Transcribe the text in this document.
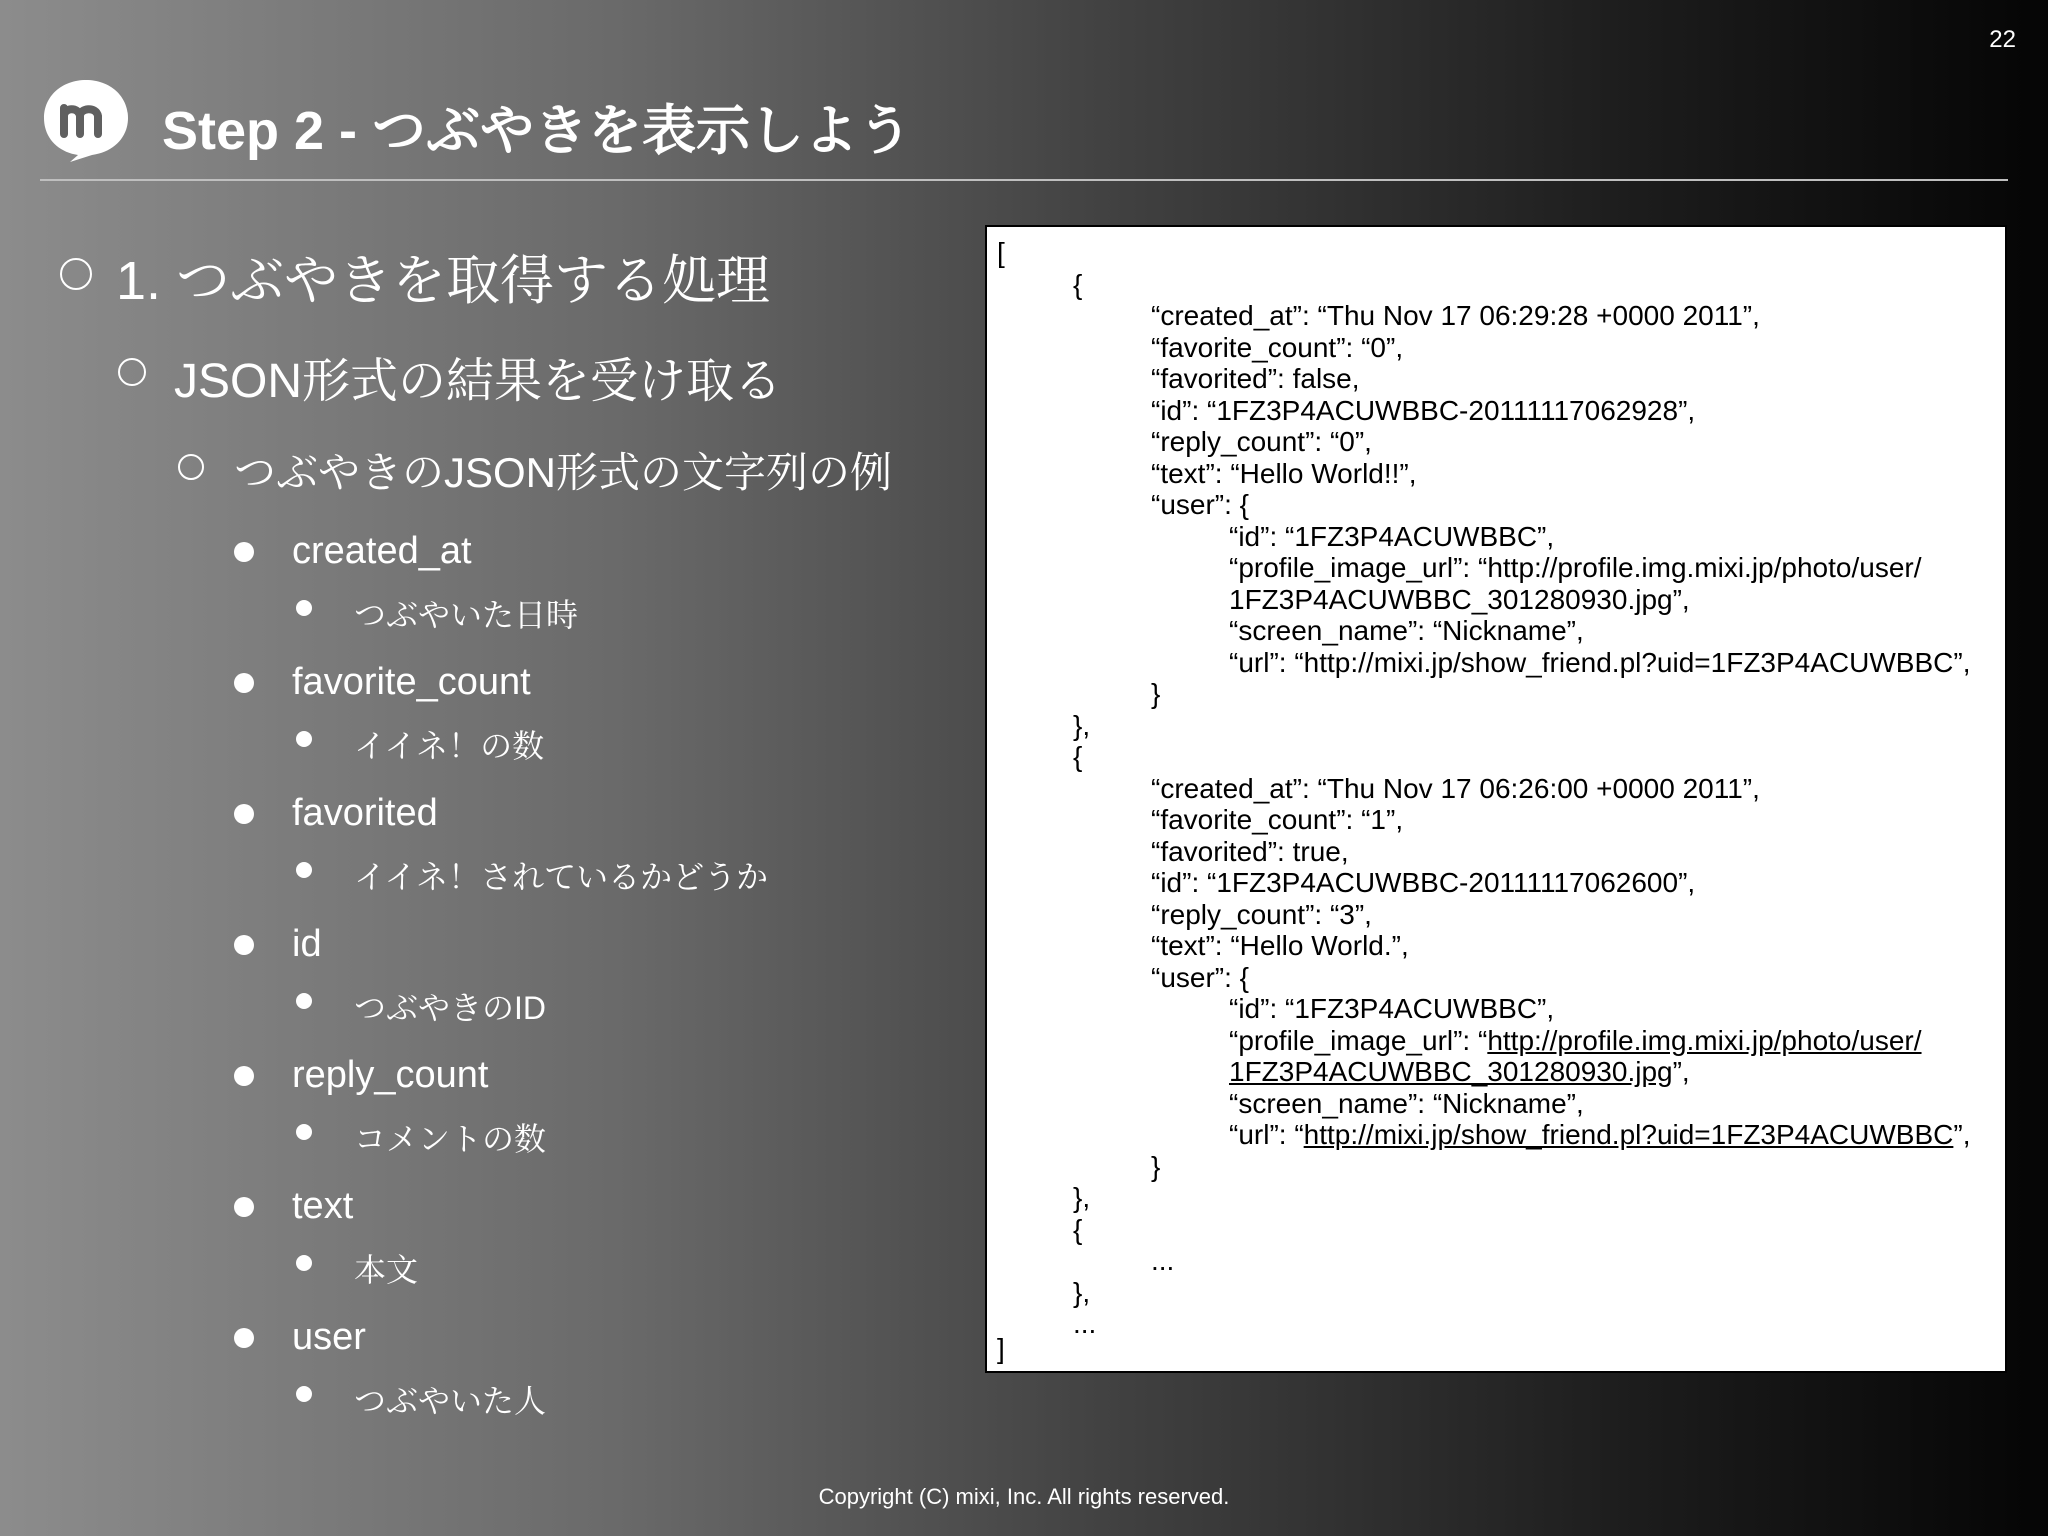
22
Step 2 - つぶやきを表示しよう
1. つぶやきを取得する処理
JSON形式の結果を受け取る
つぶやきのJSON形式の文字列の例
created_at
つぶやいた日時
favorite_count
イイネ！の数
favorited
イイネ！されているかどうか
id
つぶやきのID
reply_count
コメントの数
text
本文
user
つぶやいた人
[
{
“created_at”: “Thu Nov 17 06:29:28 +0000 2011”,
“favorite_count”: “0”,
“favorited”: false,
“id”: “1FZ3P4ACUWBBC-20111117062928”,
“reply_count”: “0”,
“text”: “Hello World!!”,
“user”: {
“id”: “1FZ3P4ACUWBBC”,
“profile_image_url”: “http://profile.img.mixi.jp/photo/user/
1FZ3P4ACUWBBC_301280930.jpg”,
“screen_name”: “Nickname”,
“url”: “http://mixi.jp/show_friend.pl?uid=1FZ3P4ACUWBBC”,
}
},
{
“created_at”: “Thu Nov 17 06:26:00 +0000 2011”,
“favorite_count”: “1”,
“favorited”: true,
“id”: “1FZ3P4ACUWBBC-20111117062600”,
“reply_count”: “3”,
“text”: “Hello World.”,
“user”: {
“id”: “1FZ3P4ACUWBBC”,
“profile_image_url”: “http://profile.img.mixi.jp/photo/user/
1FZ3P4ACUWBBC_301280930.jpg”,
“screen_name”: “Nickname”,
“url”: “http://mixi.jp/show_friend.pl?uid=1FZ3P4ACUWBBC”,
}
},
{
...
},
...
]
Copyright (C) mixi, Inc. All rights reserved.
